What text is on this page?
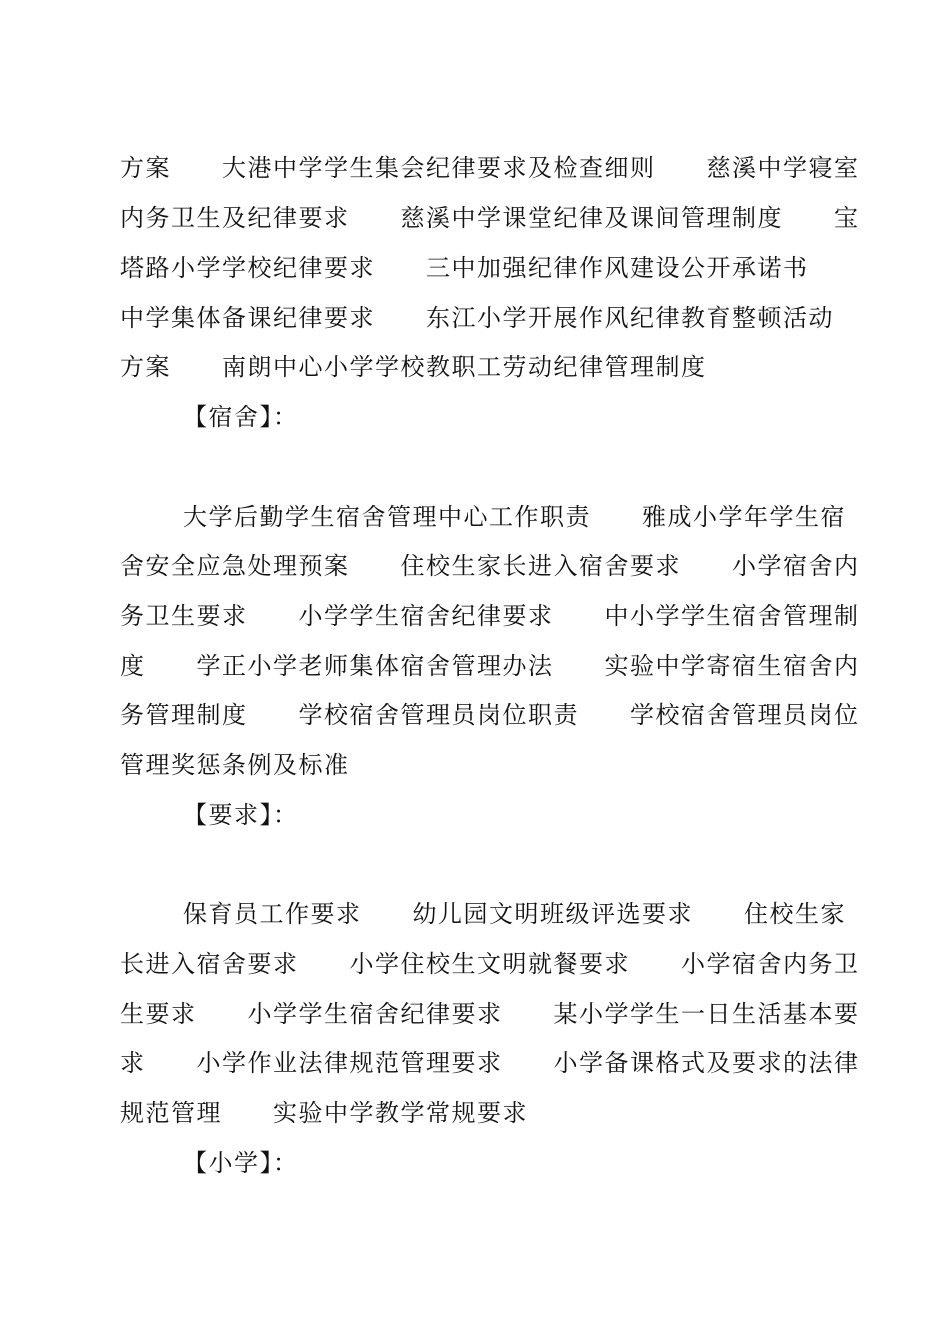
方案　　大港中学学生集会纪律要求及检查细则　　慈溪中学寝室
内务卫生及纪律要求　　慈溪中学课堂纪律及课间管理制度　　宝
塔路小学学校纪律要求　　三中加强纪律作风建设公开承诺书
中学集体备课纪律要求　　东江小学开展作风纪律教育整顿活动
方案　　南朗中心小学学校教职工劳动纪律管理制度
【宿舍】：
大学后勤学生宿舍管理中心工作职责　　雅成小学年学生宿
舍安全应急处理预案　　住校生家长进入宿舍要求　　小学宿舍内
务卫生要求　　小学学生宿舍纪律要求　　中小学学生宿舍管理制
度　　学正小学老师集体宿舍管理办法　　实验中学寄宿生宿舍内
务管理制度　　学校宿舍管理员岗位职责　　学校宿舍管理员岗位
管理奖惩条例及标准
【要求】：
保育员工作要求　　幼儿园文明班级评选要求　　住校生家
长进入宿舍要求　　小学住校生文明就餐要求　　小学宿舍内务卫
生要求　　小学学生宿舍纪律要求　　某小学学生一日生活基本要
求　　小学作业法律规范管理要求　　小学备课格式及要求的法律
规范管理　　实验中学教学常规要求
【小学】：
